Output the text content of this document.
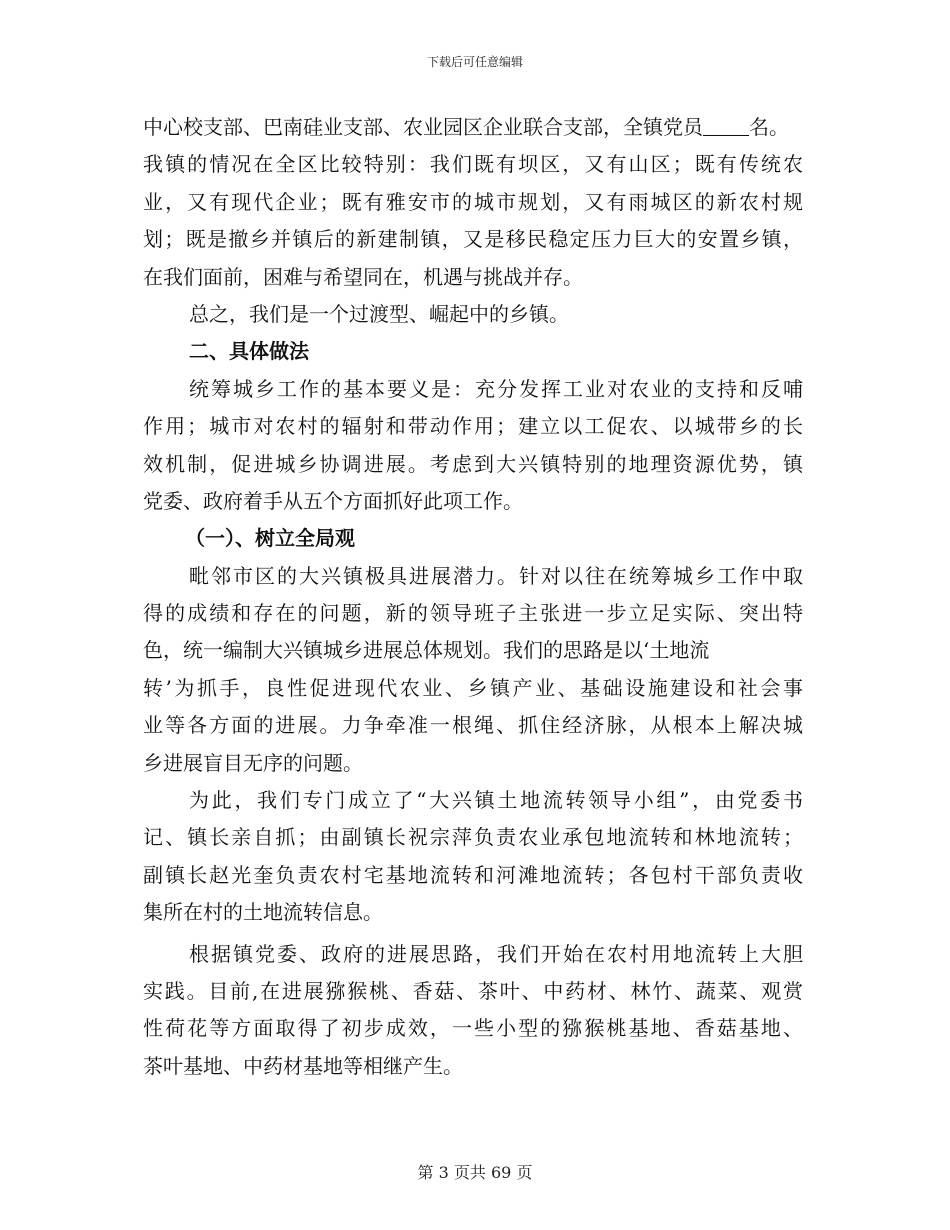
下载后可任意编辑
中心校支部、巴南硅业支部、农业园区企业联合支部，全镇党员 名。
我镇的情况在全区比较特别：我们既有坝区，又有山区；既有传统农
业，又有现代企业；既有雅安市的城市规划，又有雨城区的新农村规
划；既是撤乡并镇后的新建制镇，又是移民稳定压力巨大的安置乡镇，
在我们面前，困难与希望同在，机遇与挑战并存。
总之，我们是一个过渡型、崛起中的乡镇。
二、具体做法
统筹城乡工作的基本要义是：充分发挥工业对农业的支持和反哺
作用；城市对农村的辐射和带动作用；建立以工促农、以城带乡的长
效机制，促进城乡协调进展。考虑到大兴镇特别的地理资源优势，镇
党委、政府着手从五个方面抓好此项工作。
（一）、树立全局观
毗邻市区的大兴镇极具进展潜力。针对以往在统筹城乡工作中取
得的成绩和存在的问题，新的领导班子主张进一步立足实际、突出特
色，统一编制大兴镇城乡进展总体规划。我们的思路是以‘土地流
转’为抓手，良性促进现代农业、乡镇产业、基础设施建设和社会事
业等各方面的进展。力争牵准一根绳、抓住经济脉，从根本上解决城
乡进展盲目无序的问题。
为此，我们专门成立了“大兴镇土地流转领导小组”，由党委书
记、镇长亲自抓；由副镇长祝宗萍负责农业承包地流转和林地流转；
副镇长赵光奎负责农村宅基地流转和河滩地流转；各包村干部负责收
集所在村的土地流转信息。
根据镇党委、政府的进展思路，我们开始在农村用地流转上大胆
实践。目前,在进展猕猴桃、香菇、茶叶、中药材、林竹、蔬菜、观赏
性荷花等方面取得了初步成效，一些小型的猕猴桃基地、香菇基地、
茶叶基地、中药材基地等相继产生。
第 3 页共 69 页
